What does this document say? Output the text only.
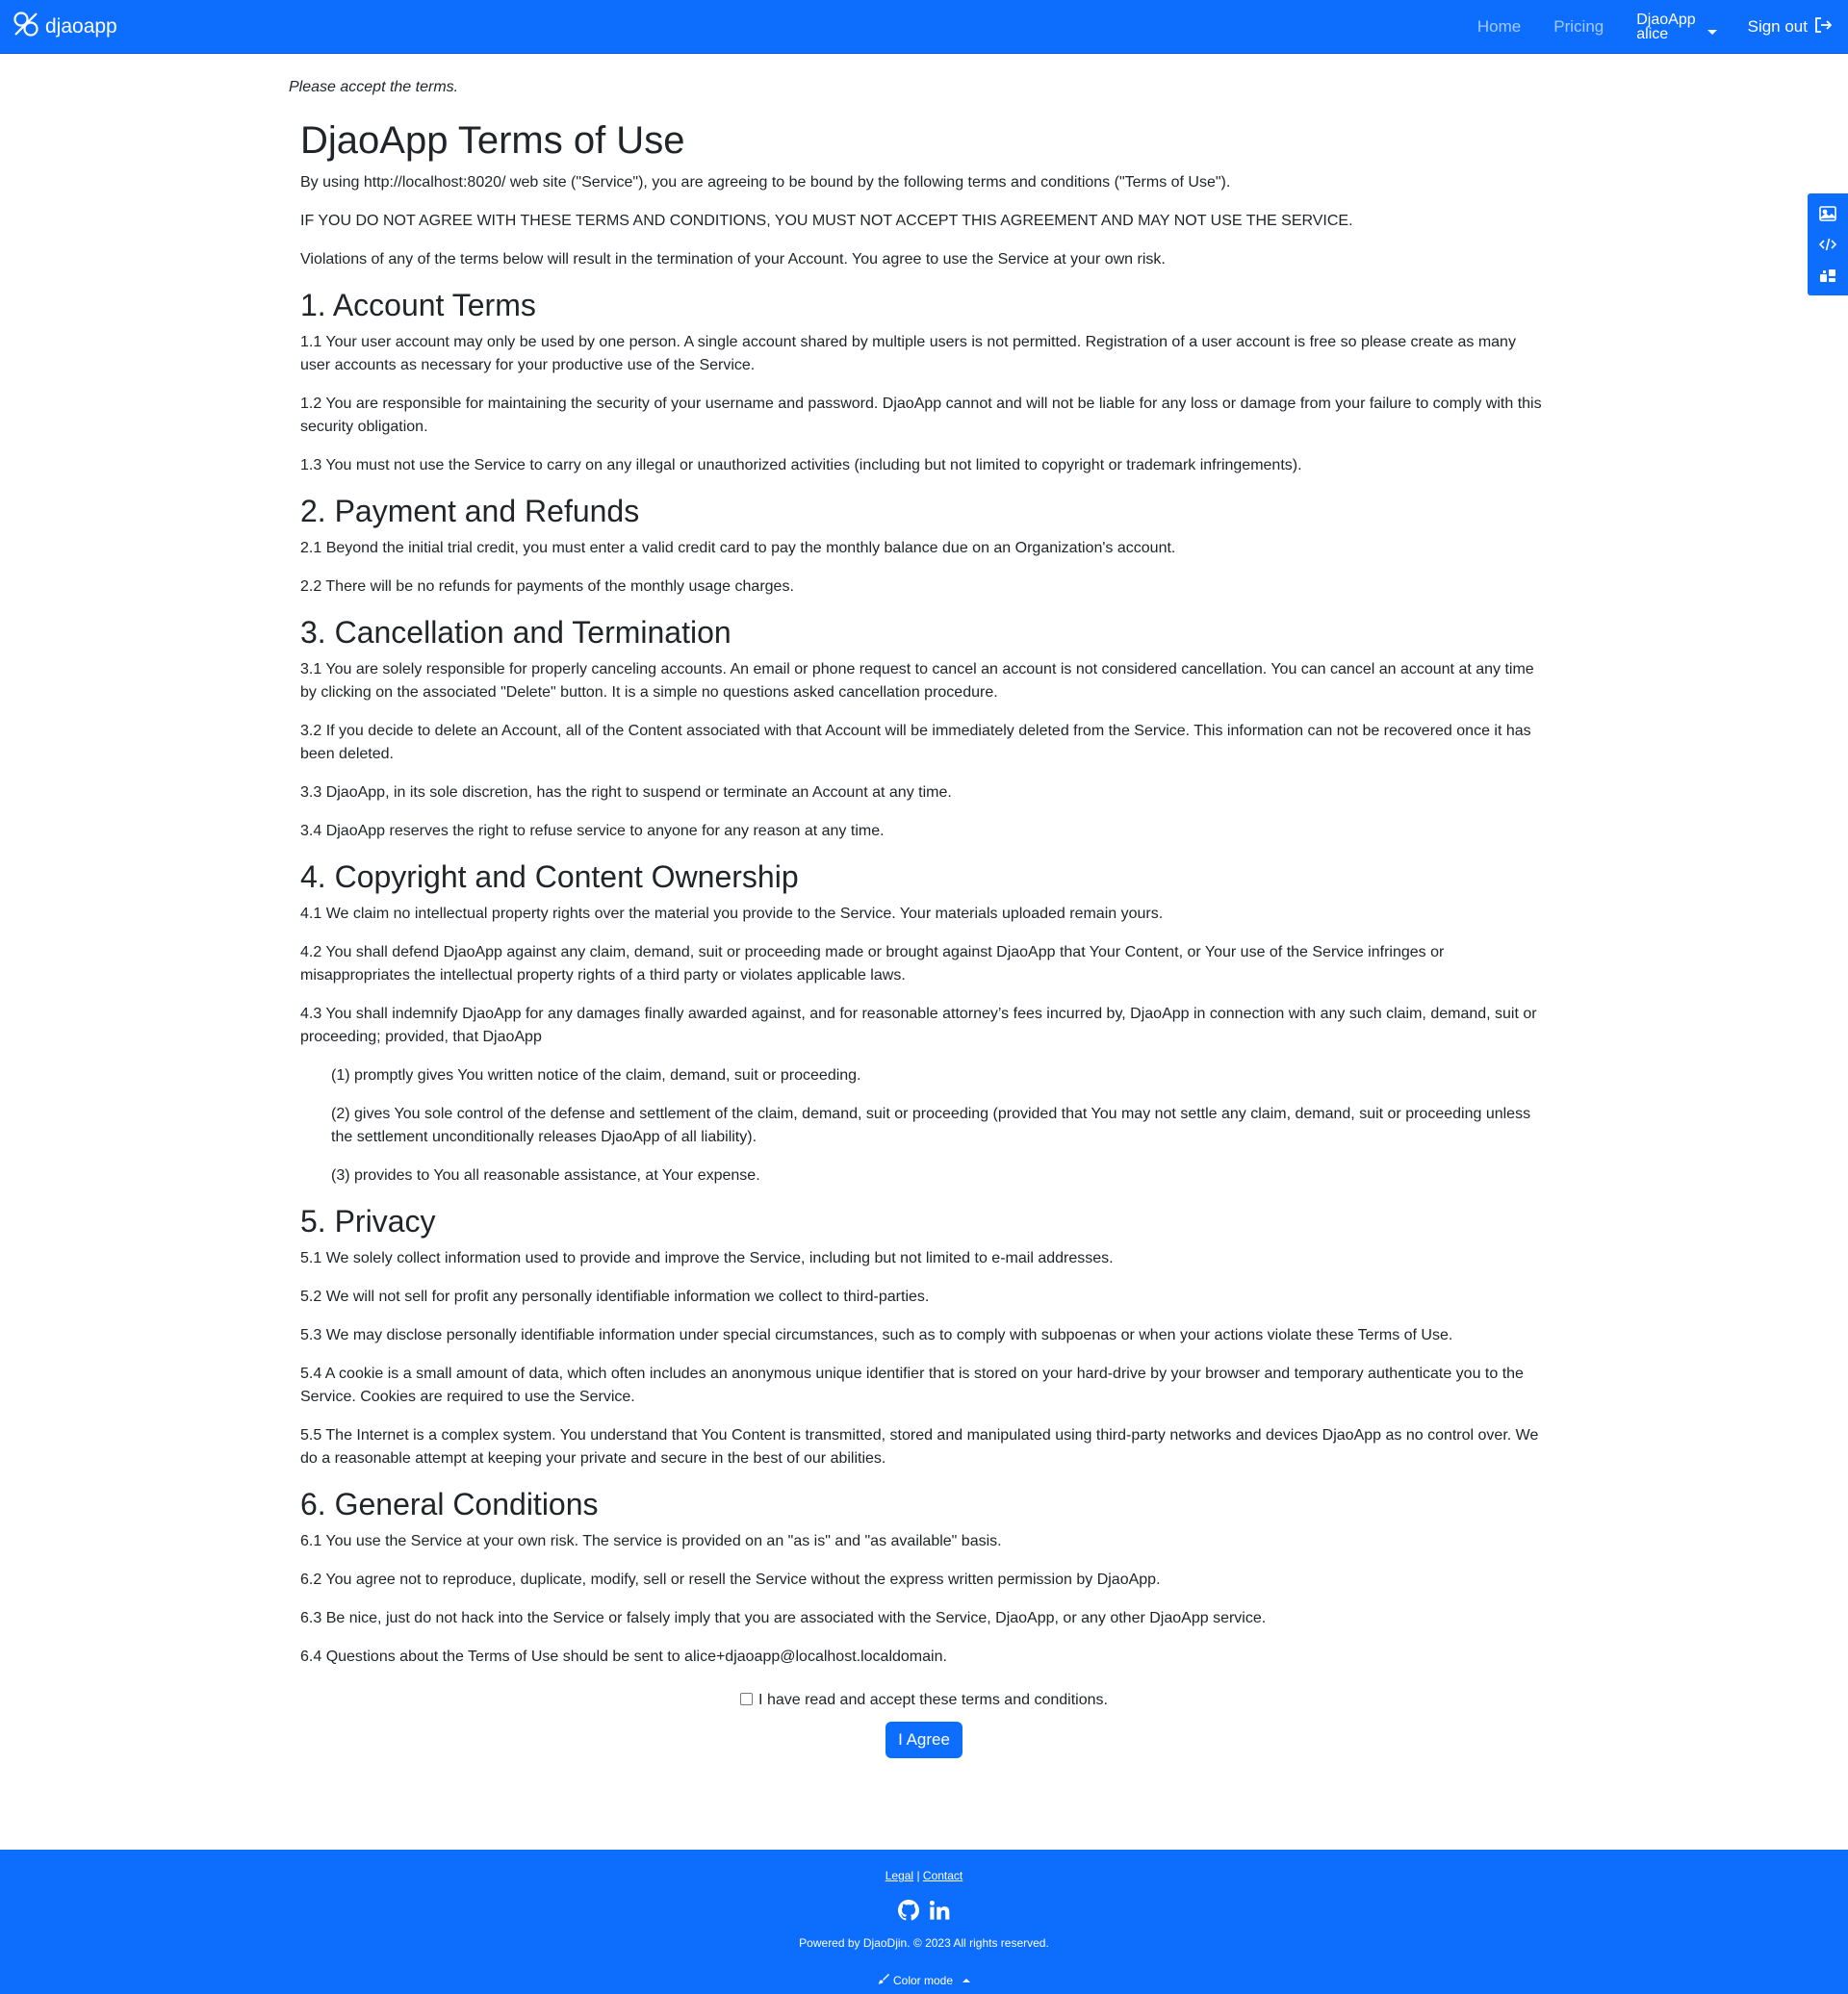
djaoapp	Home Pricing DjaoApp
alice	Sign out

Please accept the terms.

DjaoApp Terms of Use

By using http://localhost:8020/ web site ("Service"), you are agreeing to be bound by the following terms and conditions ("Terms of Use").

IF YOU DO NOT AGREE WITH THESE TERMS AND CONDITIONS, YOU MUST NOT ACCEPT THIS AGREEMENT AND MAY NOT USE THE SERVICE.

Violations of any of the terms below will result in the termination of your Account. You agree to use the Service at your own risk.

1. Account Terms

1.1 Your user account may only be used by one person. A single account shared by multiple users is not permitted. Registration of a user account is free so please create as many user accounts as necessary for your productive use of the Service.

1.2 You are responsible for maintaining the security of your username and password. DjaoApp cannot and will not be liable for any loss or damage from your failure to comply with this security obligation.

1.3 You must not use the Service to carry on any illegal or unauthorized activities (including but not limited to copyright or trademark infringements).

2. Payment and Refunds

2.1 Beyond the initial trial credit, you must enter a valid credit card to pay the monthly balance due on an Organization's account.

2.2 There will be no refunds for payments of the monthly usage charges.

3. Cancellation and Termination

3.1 You are solely responsible for properly canceling accounts. An email or phone request to cancel an account is not considered cancellation. You can cancel an account at any time by clicking on the associated "Delete" button. It is a simple no questions asked cancellation procedure.

3.2 If you decide to delete an Account, all of the Content associated with that Account will be immediately deleted from the Service. This information can not be recovered once it has been deleted.

3.3 DjaoApp, in its sole discretion, has the right to suspend or terminate an Account at any time.

3.4 DjaoApp reserves the right to refuse service to anyone for any reason at any time.

4. Copyright and Content Ownership

4.1 We claim no intellectual property rights over the material you provide to the Service. Your materials uploaded remain yours.

4.2 You shall defend DjaoApp against any claim, demand, suit or proceeding made or brought against DjaoApp that Your Content, or Your use of the Service infringes or misappropriates the intellectual property rights of a third party or violates applicable laws.

4.3 You shall indemnify DjaoApp for any damages finally awarded against, and for reasonable attorney’s fees incurred by, DjaoApp in connection with any such claim, demand, suit or proceeding; provided, that DjaoApp

(1) promptly gives You written notice of the claim, demand, suit or proceeding.

(2) gives You sole control of the defense and settlement of the claim, demand, suit or proceeding (provided that You may not settle any claim, demand, suit or proceeding unless the settlement unconditionally releases DjaoApp of all liability).

(3) provides to You all reasonable assistance, at Your expense.

5. Privacy

5.1 We solely collect information used to provide and improve the Service, including but not limited to e-mail addresses.

5.2 We will not sell for profit any personally identifiable information we collect to third-parties.

5.3 We may disclose personally identifiable information under special circumstances, such as to comply with subpoenas or when your actions violate these Terms of Use.

5.4 A cookie is a small amount of data, which often includes an anonymous unique identifier that is stored on your hard-drive by your browser and temporary authenticate you to the Service. Cookies are required to use the Service.

5.5 The Internet is a complex system. You understand that You Content is transmitted, stored and manipulated using third-party networks and devices DjaoApp as no control over. We do a reasonable attempt at keeping your private and secure in the best of our abilities.

6. General Conditions

6.1 You use the Service at your own risk. The service is provided on an "as is" and "as available" basis.

6.2 You agree not to reproduce, duplicate, modify, sell or resell the Service without the express written permission by DjaoApp.

6.3 Be nice, just do not hack into the Service or falsely imply that you are associated with the Service, DjaoApp, or any other DjaoApp service.

6.4 Questions about the Terms of Use should be sent to alice+djaoapp@localhost.localdomain.

I have read and accept these terms and conditions.
I Agree
Legal | Contact
Powered by DjaoDjin. © 2023 All rights reserved.
Color mode
